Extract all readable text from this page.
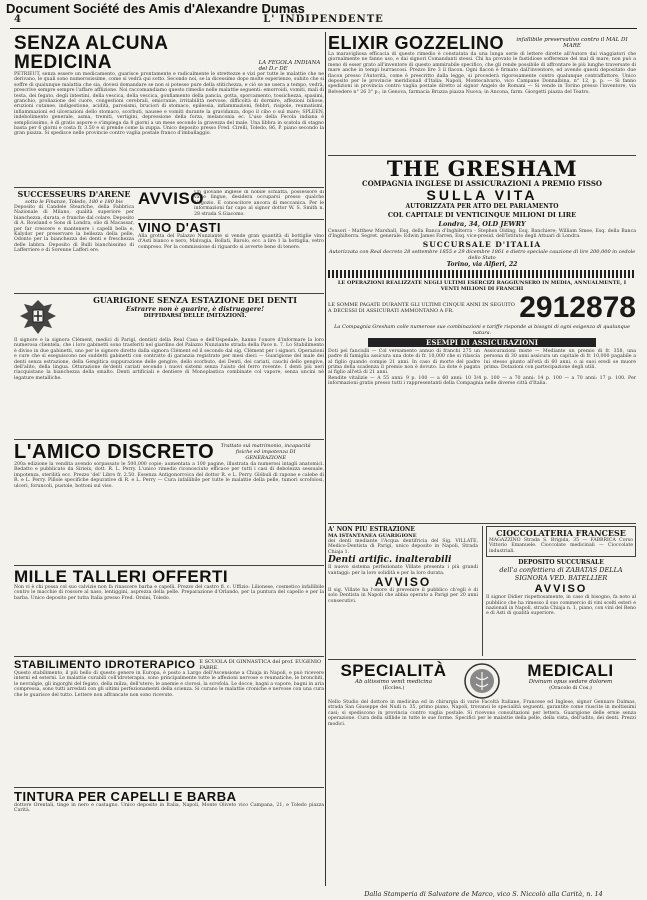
Document Société des Amis d'Alexandre Dumas
4	L' INDIPENDENTE
SENZA ALCUNA MEDICINA	LA FEGOLA INDIANA del D.r DE

PETRIEUT, senza essere un medicamento, guarisce prontamente e radicalmente le strettezze e vizi per tutte le malattie che ne derivano, le quali sono numerosissime, come si vedrà qui sotto. Secondo noi, se la dicessimo dopo molte esperienze, subito che si soffre di qualunque malattia che sia, dovesi domandare se non si potesse pure della stitichezza, e ciò se ne usera a tempo, vedrà, prescrive sempre sempre l'affare afflizione. Noi raccomandiamo questo rimedio nelle malattie seguenti: emorroidi, vomiti, mali di testa, dei fegato, degli intestini, della vescica, della vescica, gonfiamento della pancia, gotta, sporcamento, tossichezza, spasimi, granchio, proliazione del cuore, congestioni cerebrali, emicranie, irritabilità nervose, difficoltà di dormire, affezioni biliose, eruzioni cutanee, indigestione, acidità, parosismi, bruciori di stomaco, epilessia, infiammazioni, febbri, risipole, reumatismi, infiammazioni ed ulcerazioni dello stomaco, scorbuti, nausee e vomiti durante la gravidanza, dopo il cibo o sul mare; SPLEEN, indebolimento generale, asma, tremiti, vertigini, depressione della forza, melanconia ec. L'uso della Fecola indiana è semplicissimo, è di gratis aspore e s'impiega da 8 giorni a un mese secondo la gravezza del male. Una libbra in scatola di stagno basta per 6 giorni e costa fr. 3.50 e si prende come la zuppa. Unico deposito presso Fred. Cirelli, Toledo, 86, P. piano secondo la gran piazza. Si spedisce nelle provincie contro vaglia postale franco d'imballaggio.

SUCCESSEURS D'ARENE
sotto le Finanze, Toledo, 180 e 180 bis

Deposito di Candele Steariche, della Fabbrica Nazionale di Milano, qualità superiore per bianchezza, durata, e franche dal colare. Deposito di A. Rowland e Sons di Londra, olio di Macassar, per far crescere e mantenere i capelli bella e, Kalydor per preservare la bellezza della pelle, Odonto per la bianchezza dei denti e freschezza delle labbra. Deposito di Bulli bianchissimo di Lafferriere e di Sorenne Lafferi ere.

AVVISO

Un giovane inglese di nobile schiatta, possessore di varie lingue, desidera occuparsi presso qualche Negozio. E conoscitore ancora di meccanica. Per le informazioni far capo al signor dottor W. S. Smith n. 28 strada S.Giacomo.

VINO D'ASTI

Alla grotta del Palazzo Nunziante si vende gran quantità di bottiglie vino d'Asti bianco e nero, Malvagia, Bollati, Barolo, ecc. a lire 1 la bottiglia, vetro compreso. Per la commissione di riguardo si avverte bene di tenere.

GUARIGIONE SENZA ESTAZIONE DEI DENTI
Estrarre non è guarire, è distruggere!
DIFFIDARSI DELLE IMITAZIONI.

Il signore e la signora Clément, medici di Parigi, dentisti della Real Casa e dell'Ospedale, hanno l'onore d'informare la loro numerosa clientela, che i loro gabinetti sono trasferiti nel giardino del Palazzo Nunziante strada della Pace n. 7. Lo Stabilimento è diviso in due gabinetti, uno per le signore diretto dalla signora Clément ed il secondo dal sig. Clément per i signori. Operazioni e cure che si eseguiscono nei suddetti gabinetti con contratto di garanzia registrato per mesi dieci — Guarigione del male dei denti senza estrazione, della Gengitica suppurazione delle gengive, dello scorbuto, dei Denti, dei cariati, cauchi dello gengive, dell'alito, della lingua. Otturazione de'denti cariati secondo i nuovi sistemi senza l'aiuto del ferro rovente. I denti più neri riacquistano la bianchezza della smalto. Denti artificiali e dentiere di Monoplastica combinate col vapore, senza uncini nè legature metalliche.

L'AMICO DISCRETO	Trattato sul matrimonio, incapacità fisiche ed impotenza DI GENERAZIONE

200a edizione la vendita avendo sorpassato le 500,000 copie; aumentata a 100 pagine, illustrata da numerosi intagli anatomici. Redatto e pubblicato da Sirieix, dott. R. L. Perry. L'unico rimedio riconosciuto efficace per tutti i casi di debolezza sessuale, impotenza, sterilità ecc. Prezzo 'del' Libro fr. 2.50. Essenza Antigonorroica del dottor R. e L. Perry. Glóbuli di rapone e calebe di R. e L. Perry. Pillole specifiche depurative di R. e L. Perry — Cura infallibile per tutte le malattie della pelle, tumori scrofolosi, ulceri, foruncoli, pustole, bottoni sul viso.

MILLE TALLERI OFFERTI

Non vi è chi possa col suo calvizie non fa rinascere barba e capelli. Prezzo del castro fl. c. Uffizio: Lilionese, cosmetico infallibile contro le macchie di rossore al naso, lentiggini, asprezza della pelle. Preparazione d'Orlando, per la puntura del capello e per la barba. Unico deposito per tutta Italia presso Fred. Orsini, Toledo.

STABILIMENTO IDROTERAPICO E SCUOLA DI GINNASTICA del prof. EUGENIO FABRE.

Questo stabilimento, il più bello di questo genere in Europa, è posto a Largo dell'Ascensione a Chiaja in Napoli, e può ricevere interni ed esterni. Le malattie curabili coll'idroterapia, sono principalmente tutte le affezioni nervose e reumatiche, le bronchiti, le nevralgie, gli ingorghi del fegato, della milza, dell'utero; le anemie e clorosi, la scrofola. Le docce, bagni a vapore, bagni in aria compressa, sono tutti arredati con gli ultimi perfezionamenti della scienza. Si curano le malattie croniche e nervose con una cura che le guarisce del tutto. Lettere non affrancate non sono ricevute.

TINTURA PER CAPELLI E BARBA

dottore Orentali, tinge in nero e castagno. Unico deposito in Italia, Napoli, Monte Oliveto vico Campana, 21, e Toledo piazza Carità.

ELIXIR GOZZELINO	infallibile preservativo contro il MAL DI MARE

La maravigliosa efficacia di questo rimedio è constatata da una lunga serie di lettere dirette all'Autore dai viaggiatori che giornalmente ne fanno uso, e dai signori Comandanti stessi. Chi ha provato le fastidiose sofferenze del mal di mare, non può a meno di esser grato all'inventore di questo ammirabile specifico, che gli rende possibile di affrontare le più lunghe traversate di mare anche in tempi burrascosi. Prezzo lire 3 il flacon. Ogni flacon è firmato dall'inventore, ed avendo questi depositato due flacon presso l'Autorità, come è prescritto dalla legge, si procederà rigorosamente contro qualunque contraffattore. Unico deposito per le provincie meridionali d'Italia: Napoli, Montecalvario, vico Campane Donnalbina, n° 12, p. p. — Si fanno spedizioni in provincia contro vaglia postale diretto al signor Angelo de Romani — Si vende in Torino presso l'inventore, via Belvedere n° 26 3° p.; in Genova, farmacia Bruzza piazza Nuova; in Ancona, farm. Giorgetti piazza del Teatro.

THE GRESHAM
COMPAGNIA INGLESE DI ASSICURAZIONI A PREMIO FISSO
SULLA VITA
AUTORIZZATA PER ATTO DEL PARLAMENTO
COL CAPITALE DI VENTICINQUE MILIONI DI LIRE
Londra, 34, OLD JEWRY

Censori - Matthew Marshall, Esq. della Banca d'Inghilterra - Stephen Olding, Esq. Banchiere; William Smee, Esq. della Banca d'Inghilterra. Segret. generale: Edwin James Farren, Esq. vice-presid. dell'Istituto degli Attuari di Londra.

SUCCURSALE D'ITALIA
Autorizzata con Real decreto 28 settembre 1855 e 29 dicembre 1861 e dietro speciale cauzione di lire 200,000 in cedole dello Stato
Torino, via Alfieri, 22
LE OPERAZIONI REALIZZATE NEGLI ULTIMI ESERCIZI RAGGIUNSERO IN MEDIA, ANNUALMENTE, I VENTI MILIONI DI FRANCHI
LE SOMME PAGATE DURANTE GLI ULTIMI CINQUE ANNI IN SEGUITO A DECESSI DI ASSICURATI AMMONTANO A FR.	2912878
La Compagnia Gresham colle numerose sue combinazioni e tariffe risponde ai bisogni di ogni esigenza di qualunque natura.
ESEMPI DI ASSICURAZIONI

Doti pei fanciulli — Col versamento annuo di franchi 275 un padre di famiglia assicura una dote di fr. 10,000 che si rilascia al figlio quando compie 21 anni. In caso di morte del padre prima della scadenza il premio non è dovuto. La dote è pagata al figlio all'età di 21 anni.

Assicurazioni miste — Mediante un premio di fr. 358, una persona di 30 anni assicura un capitale di fr. 10,000 pagabile a lui stesso giunto all'età di 60 anni, o ai suoi eredi se muore prima. Dotazioni con partecipazione degli utili.

Rendite vitalizie — A 55 anni: 9 p. 100 — a 60 anni: 10 3/4 p. 100 — a 70 anni: 14 p. 100 — a 70 anni: 17 p. 100. Per informazioni gratis presso tutti i rappresentanti della Compagnia nelle diverse città d'Italia.

A' NON PIÙ ESTRAZIONE
MA ISTANTANEA GUARIGIONE

dei denti mediante l'Acqua dentifricia del Sig. VILLATE, Medico-Dentista di Parigi, unico deposito in Napoli, Strada Chiaja 1.

Denti artific. inalterabili

Il nuovo sistema perfezionato Villate presenta i più grandi vantaggi: per la loro solidità e per la loro durata.

AVVISO

Il sig. Villate ha l'onore di prevenire il pubblico ch'egli è di solo Dentista in Napoli che abbia operato a Parigi per 20 anni consecutivi.

CIOCCOLATERIA FRANCESE

MAGAZZINO Strada S. Brigida, 35 — FABBRICA Corso Vittorio Emanuele. Cioccolate medicinali — Cioccolate industriali.

DEPOSITO SUCCURSALE
dell'a confettiera di ZABATAS DELLA SIGNORA VED. BATELLIER
AVVISO

Il signor Didier rispettosamente, in caso di bisogno, fa noto al pubblico che ha rimesso il suo commercio di vini scelti esteri e nazionali in Napoli, strada Chiaja n. 1, piano, con vini del Reno e di Asti di qualità superiore.

SPECIALITÀ
Ab altissimo venit medicina
(Eccles.)
MEDICALI
Divinum opus sedare dolorem
(Oracolo di Cos.)

Nello Studio del dottore in medicina ed in chirurgia di varie Facoltà Italiane, Francese ed Inglese, signor Gennaro Dalmas, strada San Giuseppe dei Nudi n. 35, primo piano, Napoli, trovansi le specialità seguenti, garantite come riuscite in moltissimi casi; si spediscono in provincia contro vaglia postale. Si ricevono consultazioni per lettera. Guarigione delle ernie senza operazione. Cura della sifilide in tutte le sue forme. Specifici per le malattie della pelle, della vista, dell'udito, dei denti. Prezzi modici.

Dalla Stamperia di Salvatore de Marco, vico S. Niccolò alla Carità, n. 14
